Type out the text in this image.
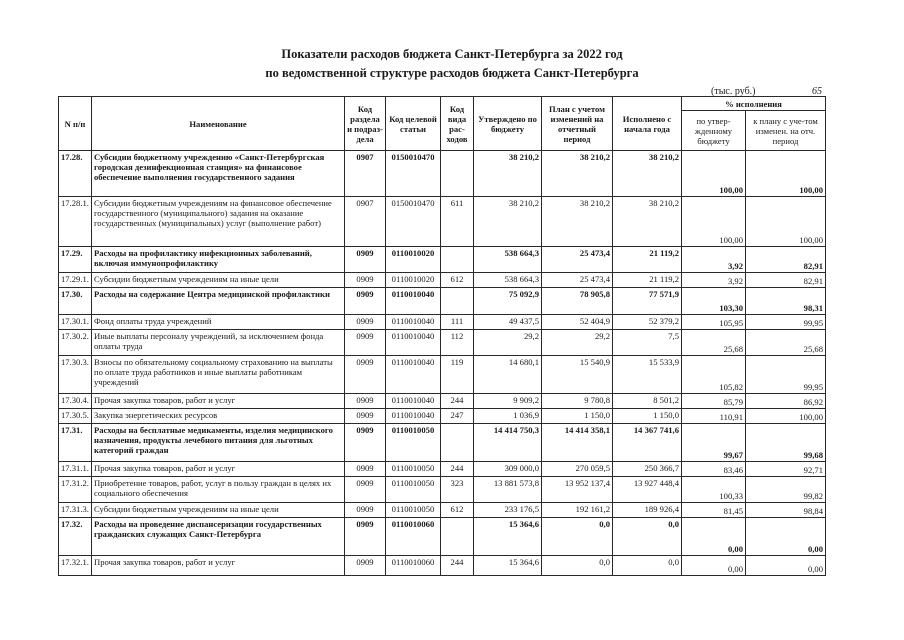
Показатели расходов бюджета Санкт-Петербурга за 2022 год
по ведомственной структуре расходов бюджета Санкт-Петербурга
(тыс. руб.)	65
N п/п	Наименование	Код раздела и подраз-дела	Код целевой статьи	Код вида рас-ходов	Утверждено по бюджету	План с учетом изменений на отчетный период	Исполнено с начала года	% исполнения	
								по утвер-жденному бюджету	к плану с уче-том изменен. на отч. период
17.28.	Субсидии бюджетному учреждению «Санкт-Петербургская городская дезинфекционная станция» на финансовое обеспечение выполнения государственного задания	0907	0150010470		38 210,2	38 210,2	38 210,2	100,00	100,00
17.28.1.	Субсидии бюджетным учреждениям на финансовое обеспечение государственного (муниципального) задания на оказание государственных (муниципальных) услуг (выполнение работ)	0907	0150010470	611	38 210,2	38 210,2	38 210,2	100,00	100,00
17.29.	Расходы на профилактику инфекционных заболеваний, включая иммунопрофилактику	0909	0110010020		538 664,3	25 473,4	21 119,2	3,92	82,91
17.29.1.	Субсидии бюджетным учреждениям на иные цели	0909	0110010020	612	538 664,3	25 473,4	21 119,2	3,92	82,91
17.30.	Расходы на содержание Центра медицинской профилактики	0909	0110010040		75 092,9	78 905,8	77 571,9	103,30	98,31
17.30.1.	Фонд оплаты труда учреждений	0909	0110010040	111	49 437,5	52 404,9	52 379,2	105,95	99,95
17.30.2.	Иные выплаты персоналу учреждений, за исключением фонда оплаты труда	0909	0110010040	112	29,2	29,2	7,5	25,68	25,68
17.30.3.	Взносы по обязательному социальному страхованию на выплаты по оплате труда работников и иные выплаты работникам учреждений	0909	0110010040	119	14 680,1	15 540,9	15 533,9	105,82	99,95
17.30.4.	Прочая закупка товаров, работ и услуг	0909	0110010040	244	9 909,2	9 780,8	8 501,2	85,79	86,92
17.30.5.	Закупка энергетических ресурсов	0909	0110010040	247	1 036,9	1 150,0	1 150,0	110,91	100,00
17.31.	Расходы на бесплатные медикаменты, изделия медицинского назначения, продукты лечебного питания для льготных категорий граждан	0909	0110010050		14 414 750,3	14 414 358,1	14 367 741,6	99,67	99,68
17.31.1.	Прочая закупка товаров, работ и услуг	0909	0110010050	244	309 000,0	270 059,5	250 366,7	83,46	92,71
17.31.2.	Приобретение товаров, работ, услуг в пользу граждан в целях их социального обеспечения	0909	0110010050	323	13 881 573,8	13 952 137,4	13 927 448,4	100,33	99,82
17.31.3.	Субсидии бюджетным учреждениям на иные цели	0909	0110010050	612	233 176,5	192 161,2	189 926,4	81,45	98,84
17.32.	Расходы на проведение диспансеризации государственных гражданских служащих Санкт-Петербурга	0909	0110010060		15 364,6	0,0	0,0	0,00	0,00
17.32.1.	Прочая закупка товаров, работ и услуг	0909	0110010060	244	15 364,6	0,0	0,0	0,00	0,00
